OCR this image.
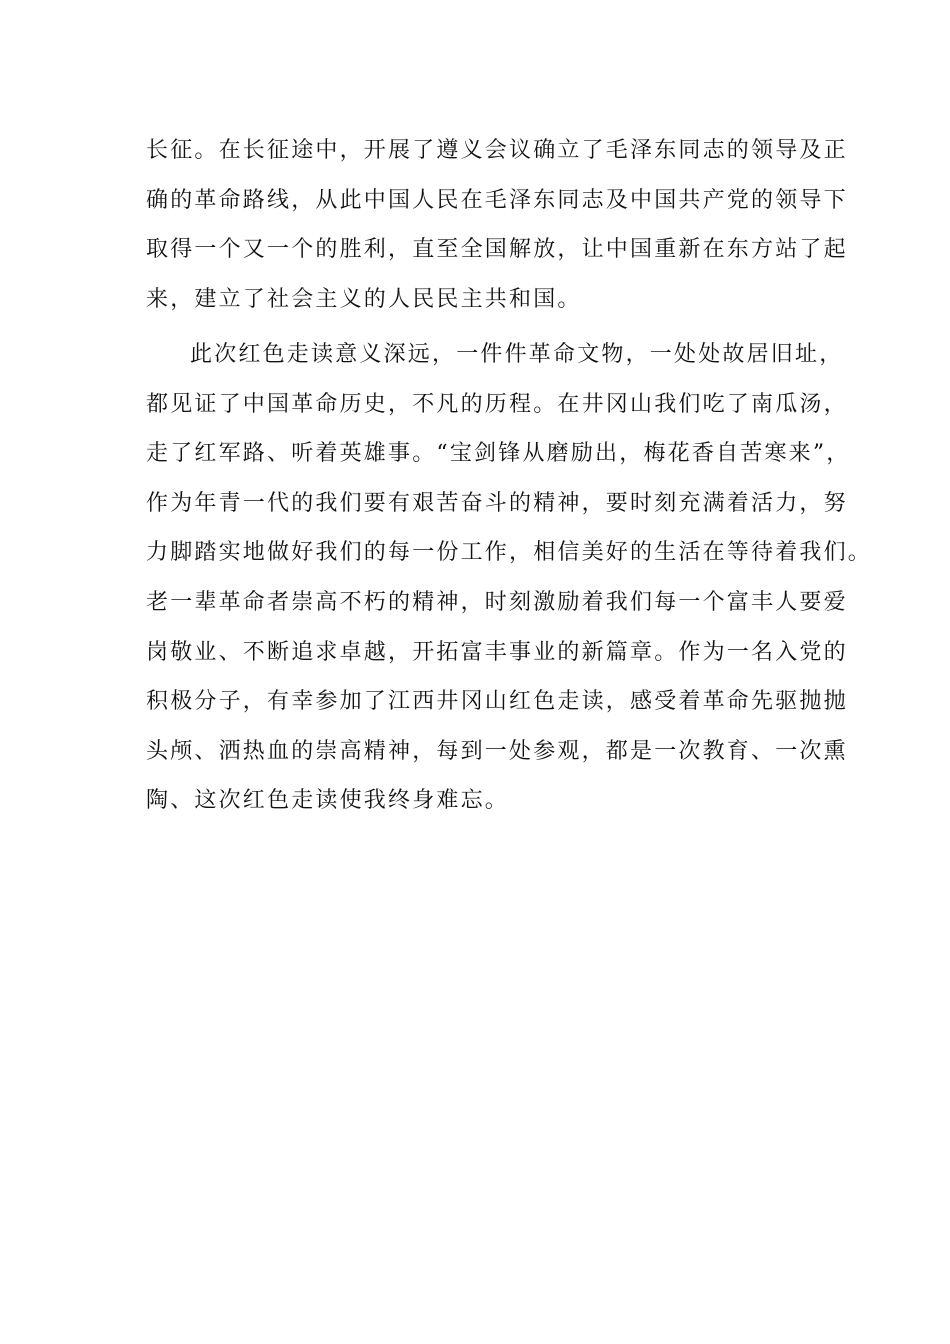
长征。在长征途中，开展了遵义会议确立了毛泽东同志的领导及正
确的革命路线，从此中国人民在毛泽东同志及中国共产党的领导下
取得一个又一个的胜利，直至全国解放，让中国重新在东方站了起
来，建立了社会主义的人民民主共和国。
此次红色走读意义深远，一件件革命文物，一处处故居旧址，
都见证了中国革命历史，不凡的历程。在井冈山我们吃了南瓜汤，
走了红军路、听着英雄事。“宝剑锋从磨励出，梅花香自苦寒来”，
作为年青一代的我们要有艰苦奋斗的精神，要时刻充满着活力，努
力脚踏实地做好我们的每一份工作，相信美好的生活在等待着我们。
老一辈革命者崇高不朽的精神，时刻激励着我们每一个富丰人要爱
岗敬业、不断追求卓越，开拓富丰事业的新篇章。作为一名入党的
积极分子，有幸参加了江西井冈山红色走读，感受着革命先驱抛抛
头颅、洒热血的崇高精神，每到一处参观，都是一次教育、一次熏
陶、这次红色走读使我终身难忘。
